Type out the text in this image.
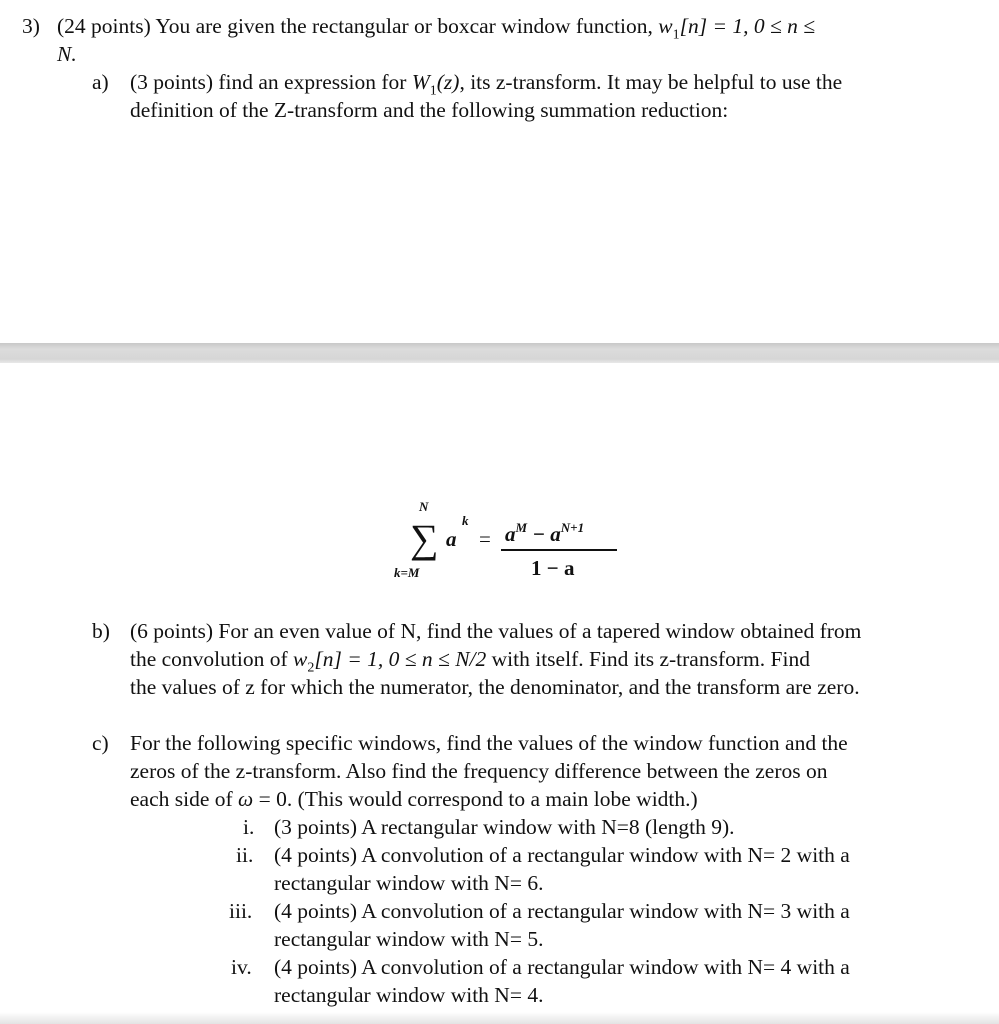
3) (24 points) You are given the rectangular or boxcar window function, $w_1[n] = 1$, 0 ≤ n ≤
N.
a) (3 points) find an expression for $W_1(z)$, its z-transform. It may be helpful to use the
definition of the Z-transform and the following summation reduction:
N
∑
k=M
a
k
= $a^M - a^{N+1}$
1 − a
b) (6 points) For an even value of N, find the values of a tapered window obtained from
the convolution of $w_2[n] = 1$, 0 ≤ n ≤ N/2 with itself. Find its z-transform. Find
the values of z for which the numerator, the denominator, and the transform are zero.
c) For the following specific windows, find the values of the window function and the
zeros of the z-transform. Also find the frequency difference between the zeros on
each side of ω = 0. (This would correspond to a main lobe width.)
i. (3 points) A rectangular window with N=8 (length 9).
ii. (4 points) A convolution of a rectangular window with N= 2 with a
rectangular window with N= 6.
iii. (4 points) A convolution of a rectangular window with N= 3 with a
rectangular window with N= 5.
iv. (4 points) A convolution of a rectangular window with N= 4 with a
rectangular window with N= 4.
